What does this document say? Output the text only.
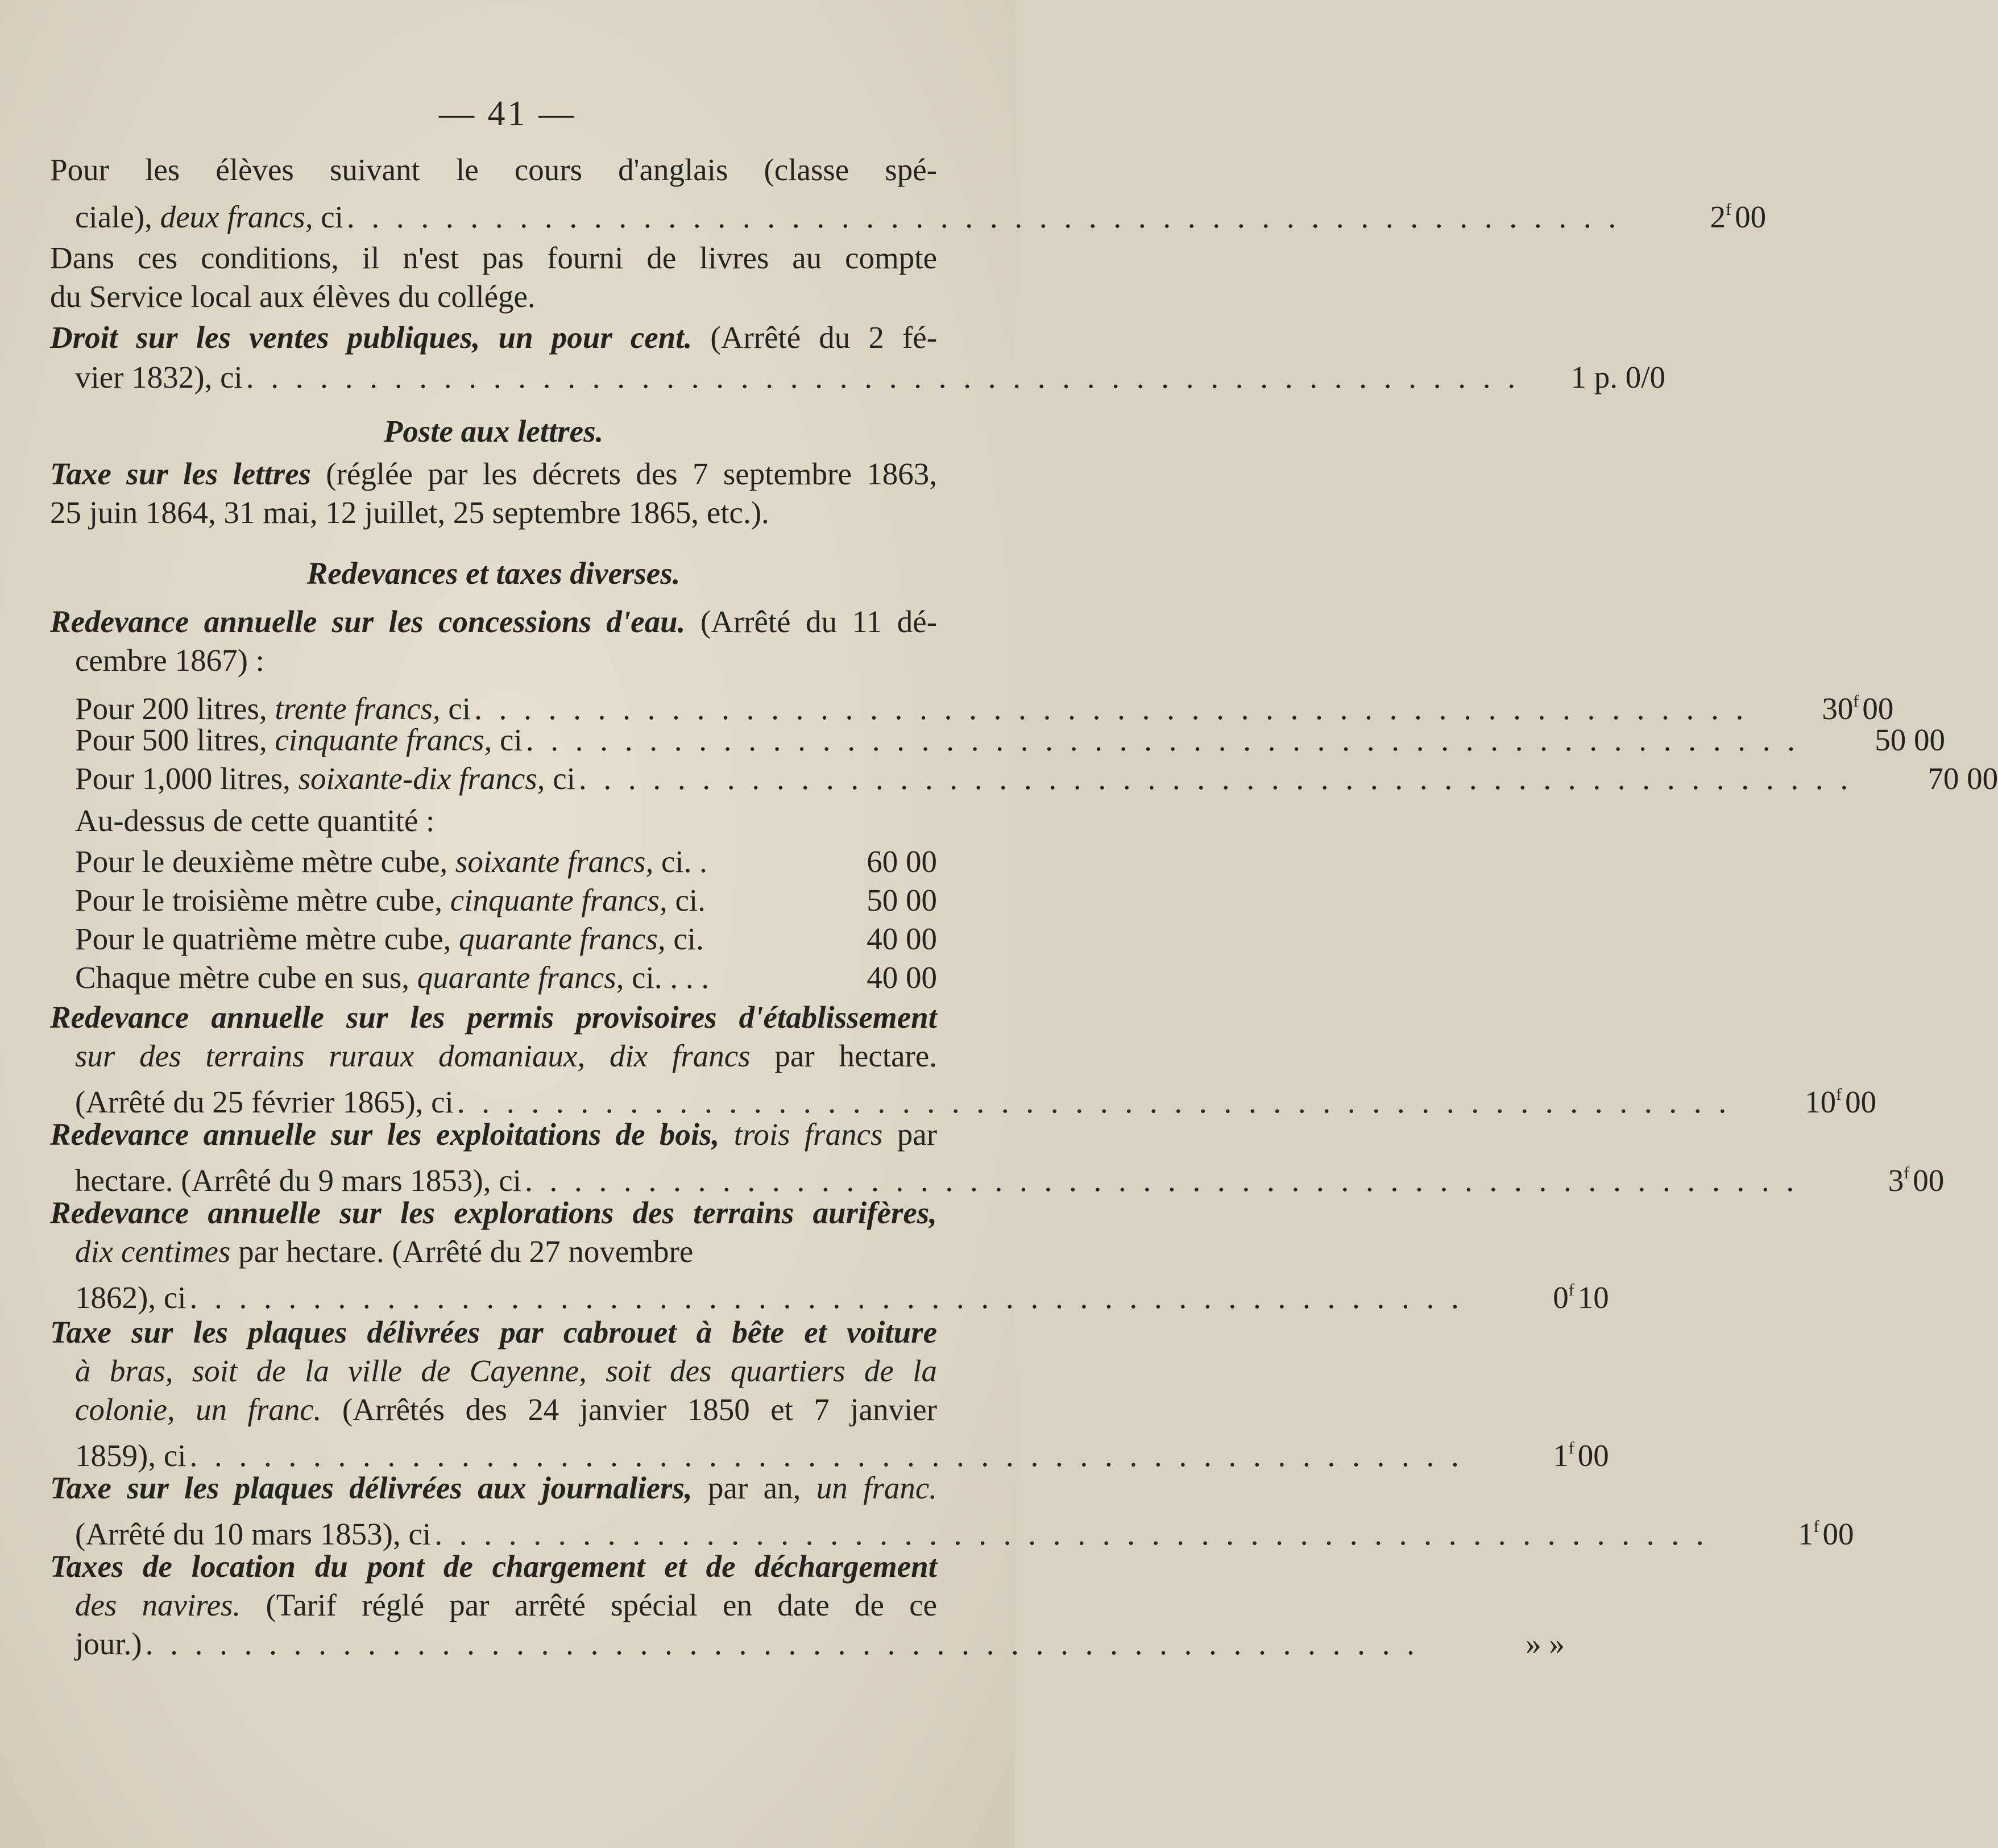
— 41 —
Pour les élèves suivant le cours d'anglais (classe spé-
ciale), deux francs, ci . . . . . . . . . . . . . . . . . . . . . . . . . . . . . . . . . . . . . . . . . . . . . . . . . . . .	2$^f$ 00
Dans ces conditions, il n'est pas fourni de livres au compte
du Service local aux élèves du collége.
Droit sur les ventes publiques, un pour cent. (Arrêté du 2 fé-
vier 1832), ci . . . . . . . . . . . . . . . . . . . . . . . . . . . . . . . . . . . . . . . . . . . . . . . . . . . .	1 p. 0/0
Poste aux lettres.
Taxe sur les lettres (réglée par les décrets des 7 septembre 1863,
25 juin 1864, 31 mai, 12 juillet, 25 septembre 1865, etc.).
Redevances et taxes diverses.
Redevance annuelle sur les concessions d'eau. (Arrêté du 11 dé-
cembre 1867) :
Pour 200 litres, trente francs, ci . . . . . . . . . . . . . . . . . . . . . . . . . . . . . . . . . . . . . . . . . . . . . . . . . . . .	30$^f$ 00
Pour 500 litres, cinquante francs, ci . . . . . . . . . . . . . . . . . . . . . . . . . . . . . . . . . . . . . . . . . . . . . . . . . . . .	50 00
Pour 1,000 litres, soixante-dix francs, ci . . . . . . . . . . . . . . . . . . . . . . . . . . . . . . . . . . . . . . . . . . . . . . . . . . . .	70 00
Au-dessus de cette quantité :
Pour le deuxième mètre cube, soixante francs, ci. .	60 00
Pour le troisième mètre cube, cinquante francs, ci.	50 00
Pour le quatrième mètre cube, quarante francs, ci.	40 00
Chaque mètre cube en sus, quarante francs, ci. . . .	40 00
Redevance annuelle sur les permis provisoires d'établissement
sur des terrains ruraux domaniaux, dix francs par hectare.
(Arrêté du 25 février 1865), ci . . . . . . . . . . . . . . . . . . . . . . . . . . . . . . . . . . . . . . . . . . . . . . . . . . . .	10$^f$ 00
Redevance annuelle sur les exploitations de bois, trois francs par
hectare. (Arrêté du 9 mars 1853), ci . . . . . . . . . . . . . . . . . . . . . . . . . . . . . . . . . . . . . . . . . . . . . . . . . . . .	3$^f$ 00
Redevance annuelle sur les explorations des terrains aurifères,
dix centimes par hectare. (Arrêté du 27 novembre
1862), ci . . . . . . . . . . . . . . . . . . . . . . . . . . . . . . . . . . . . . . . . . . . . . . . . . . . .	0$^f$ 10
Taxe sur les plaques délivrées par cabrouet à bête et voiture
à bras, soit de la ville de Cayenne, soit des quartiers de la
colonie, un franc. (Arrêtés des 24 janvier 1850 et 7 janvier
1859), ci . . . . . . . . . . . . . . . . . . . . . . . . . . . . . . . . . . . . . . . . . . . . . . . . . . . .	1$^f$ 00
Taxe sur les plaques délivrées aux journaliers, par an, un franc.
(Arrêté du 10 mars 1853), ci . . . . . . . . . . . . . . . . . . . . . . . . . . . . . . . . . . . . . . . . . . . . . . . . . . . .	1$^f$ 00
Taxes de location du pont de chargement et de déchargement
des navires. (Tarif réglé par arrêté spécial en date de ce
jour.) . . . . . . . . . . . . . . . . . . . . . . . . . . . . . . . . . . . . . . . . . . . . . . . . . . . .	» »
